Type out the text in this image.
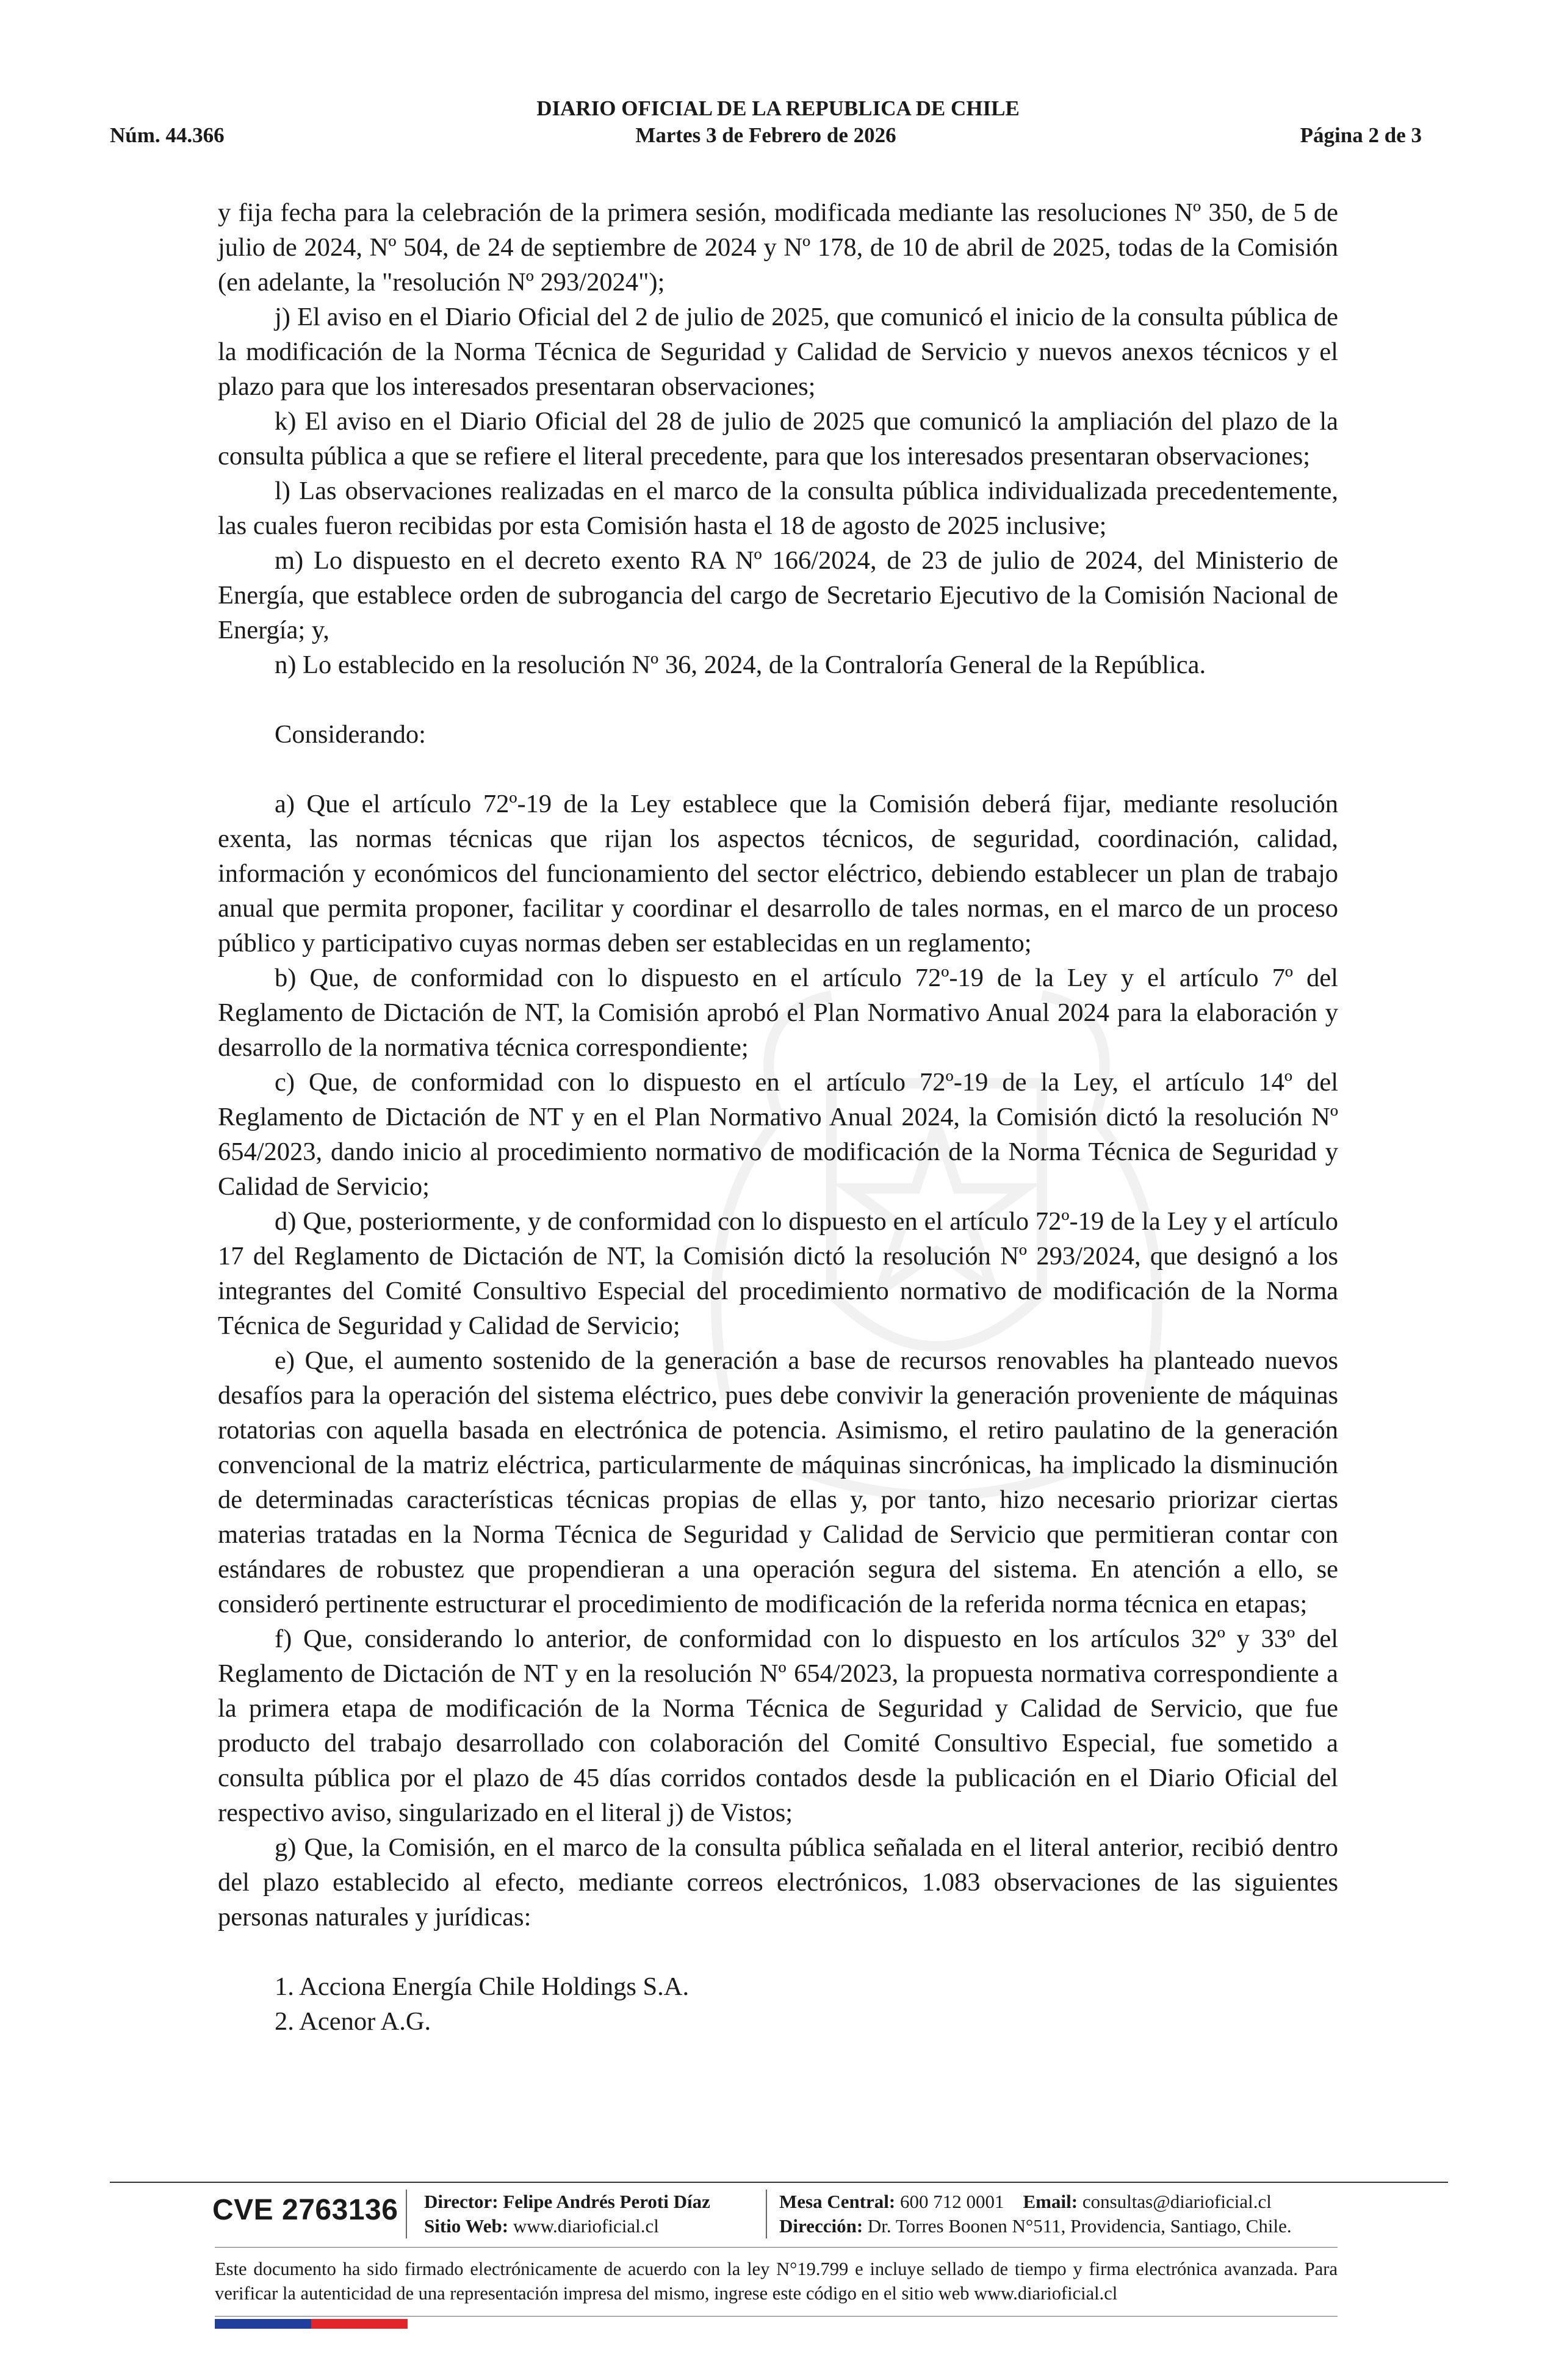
DIARIO OFICIAL DE LA REPUBLICA DE CHILE
Martes 3 de Febrero de 2026
Núm. 44.366	Página 2 de 3

y fija fecha para la celebración de la primera sesión, modificada mediante las resoluciones Nº 350, de 5 de julio de 2024, Nº 504, de 24 de septiembre de 2024 y Nº 178, de 10 de abril de 2025, todas de la Comisión (en adelante, la "resolución Nº 293/2024");

j) El aviso en el Diario Oficial del 2 de julio de 2025, que comunicó el inicio de la consulta pública de la modificación de la Norma Técnica de Seguridad y Calidad de Servicio y nuevos anexos técnicos y el plazo para que los interesados presentaran observaciones;

k) El aviso en el Diario Oficial del 28 de julio de 2025 que comunicó la ampliación del plazo de la consulta pública a que se refiere el literal precedente, para que los interesados presentaran observaciones;

l) Las observaciones realizadas en el marco de la consulta pública individualizada precedentemente, las cuales fueron recibidas por esta Comisión hasta el 18 de agosto de 2025 inclusive;

m) Lo dispuesto en el decreto exento RA Nº 166/2024, de 23 de julio de 2024, del Ministerio de Energía, que establece orden de subrogancia del cargo de Secretario Ejecutivo de la Comisión Nacional de Energía; y,

n) Lo establecido en la resolución Nº 36, 2024, de la Contraloría General de la República.

Considerando:

a) Que el artículo 72º-19 de la Ley establece que la Comisión deberá fijar, mediante resolución exenta, las normas técnicas que rijan los aspectos técnicos, de seguridad, coordinación, calidad, información y económicos del funcionamiento del sector eléctrico, debiendo establecer un plan de trabajo anual que permita proponer, facilitar y coordinar el desarrollo de tales normas, en el marco de un proceso público y participativo cuyas normas deben ser establecidas en un reglamento;

b) Que, de conformidad con lo dispuesto en el artículo 72º-19 de la Ley y el artículo 7º del Reglamento de Dictación de NT, la Comisión aprobó el Plan Normativo Anual 2024 para la elaboración y desarrollo de la normativa técnica correspondiente;

c) Que, de conformidad con lo dispuesto en el artículo 72º-19 de la Ley, el artículo 14º del Reglamento de Dictación de NT y en el Plan Normativo Anual 2024, la Comisión dictó la resolución Nº 654/2023, dando inicio al procedimiento normativo de modificación de la Norma Técnica de Seguridad y Calidad de Servicio;

d) Que, posteriormente, y de conformidad con lo dispuesto en el artículo 72º-19 de la Ley y el artículo 17 del Reglamento de Dictación de NT, la Comisión dictó la resolución Nº 293/2024, que designó a los integrantes del Comité Consultivo Especial del procedimiento normativo de modificación de la Norma Técnica de Seguridad y Calidad de Servicio;

e) Que, el aumento sostenido de la generación a base de recursos renovables ha planteado nuevos desafíos para la operación del sistema eléctrico, pues debe convivir la generación proveniente de máquinas rotatorias con aquella basada en electrónica de potencia. Asimismo, el retiro paulatino de la generación convencional de la matriz eléctrica, particularmente de máquinas sincrónicas, ha implicado la disminución de determinadas características técnicas propias de ellas y, por tanto, hizo necesario priorizar ciertas materias tratadas en la Norma Técnica de Seguridad y Calidad de Servicio que permitieran contar con estándares de robustez que propendieran a una operación segura del sistema. En atención a ello, se consideró pertinente estructurar el procedimiento de modificación de la referida norma técnica en etapas;

f) Que, considerando lo anterior, de conformidad con lo dispuesto en los artículos 32º y 33º del Reglamento de Dictación de NT y en la resolución Nº 654/2023, la propuesta normativa correspondiente a la primera etapa de modificación de la Norma Técnica de Seguridad y Calidad de Servicio, que fue producto del trabajo desarrollado con colaboración del Comité Consultivo Especial, fue sometido a consulta pública por el plazo de 45 días corridos contados desde la publicación en el Diario Oficial del respectivo aviso, singularizado en el literal j) de Vistos;

g) Que, la Comisión, en el marco de la consulta pública señalada en el literal anterior, recibió dentro del plazo establecido al efecto, mediante correos electrónicos, 1.083 observaciones de las siguientes personas naturales y jurídicas:

1. Acciona Energía Chile Holdings S.A.

2. Acenor A.G.

CVE 2763136 Director: Felipe Andrés Peroti Díaz
Sitio Web: www.diarioficial.cl
Mesa Central: 600 712 0001 Email: consultas@diarioficial.cl
Dirección: Dr. Torres Boonen N°511, Providencia, Santiago, Chile.
Este documento ha sido firmado electrónicamente de acuerdo con la ley N°19.799 e incluye sellado de tiempo y firma electrónica avanzada. Para verificar la autenticidad de una representación impresa del mismo, ingrese este código en el sitio web www.diarioficial.cl
